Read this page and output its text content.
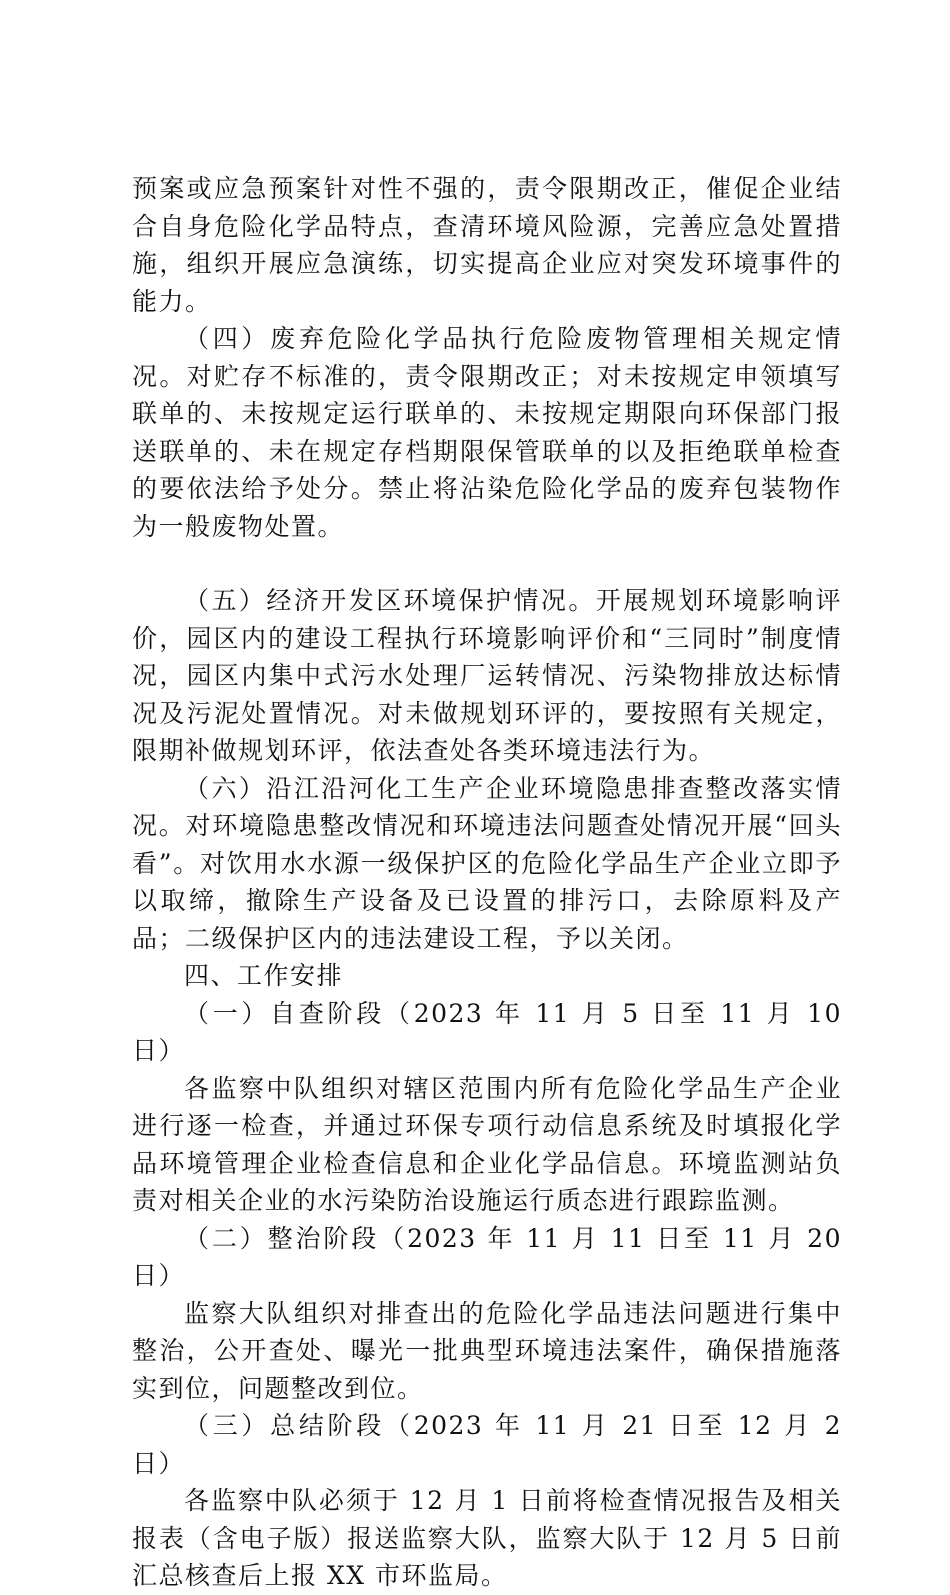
预案或应急预案针对性不强的，责令限期改正，催促企业结合自身危险化学品特点，查清环境风险源，完善应急处置措施，组织开展应急演练，切实提高企业应对突发环境事件的能力。

（四）废弃危险化学品执行危险废物管理相关规定情况。对贮存不标准的，责令限期改正；对未按规定申领填写联单的、未按规定运行联单的、未按规定期限向环保部门报送联单的、未在规定存档期限保管联单的以及拒绝联单检查的要依法给予处分。禁止将沾染危险化学品的废弃包装物作为一般废物处置。

（五）经济开发区环境保护情况。开展规划环境影响评价，园区内的建设工程执行环境影响评价和“三同时”制度情况，园区内集中式污水处理厂运转情况、污染物排放达标情况及污泥处置情况。对未做规划环评的，要按照有关规定，限期补做规划环评，依法查处各类环境违法行为。

（六）沿江沿河化工生产企业环境隐患排查整改落实情况。对环境隐患整改情况和环境违法问题查处情况开展“回头看”。对饮用水水源一级保护区的危险化学品生产企业立即予以取缔，撤除生产设备及已设置的排污口，去除原料及产品；二级保护区内的违法建设工程，予以关闭。

四、工作安排

（一）自查阶段（2023 年 11 月 5 日至 11 月 10 日）

各监察中队组织对辖区范围内所有危险化学品生产企业进行逐一检查，并通过环保专项行动信息系统及时填报化学品环境管理企业检查信息和企业化学品信息。环境监测站负责对相关企业的水污染防治设施运行质态进行跟踪监测。

（二）整治阶段（2023 年 11 月 11 日至 11 月 20 日）

监察大队组织对排查出的危险化学品违法问题进行集中整治，公开查处、曝光一批典型环境违法案件，确保措施落实到位，问题整改到位。

（三）总结阶段（2023 年 11 月 21 日至 12 月 2 日）

各监察中队必须于 12 月 1 日前将检查情况报告及相关报表（含电子版）报送监察大队，监察大队于 12 月 5 日前汇总核查后上报 XX 市环监局。
